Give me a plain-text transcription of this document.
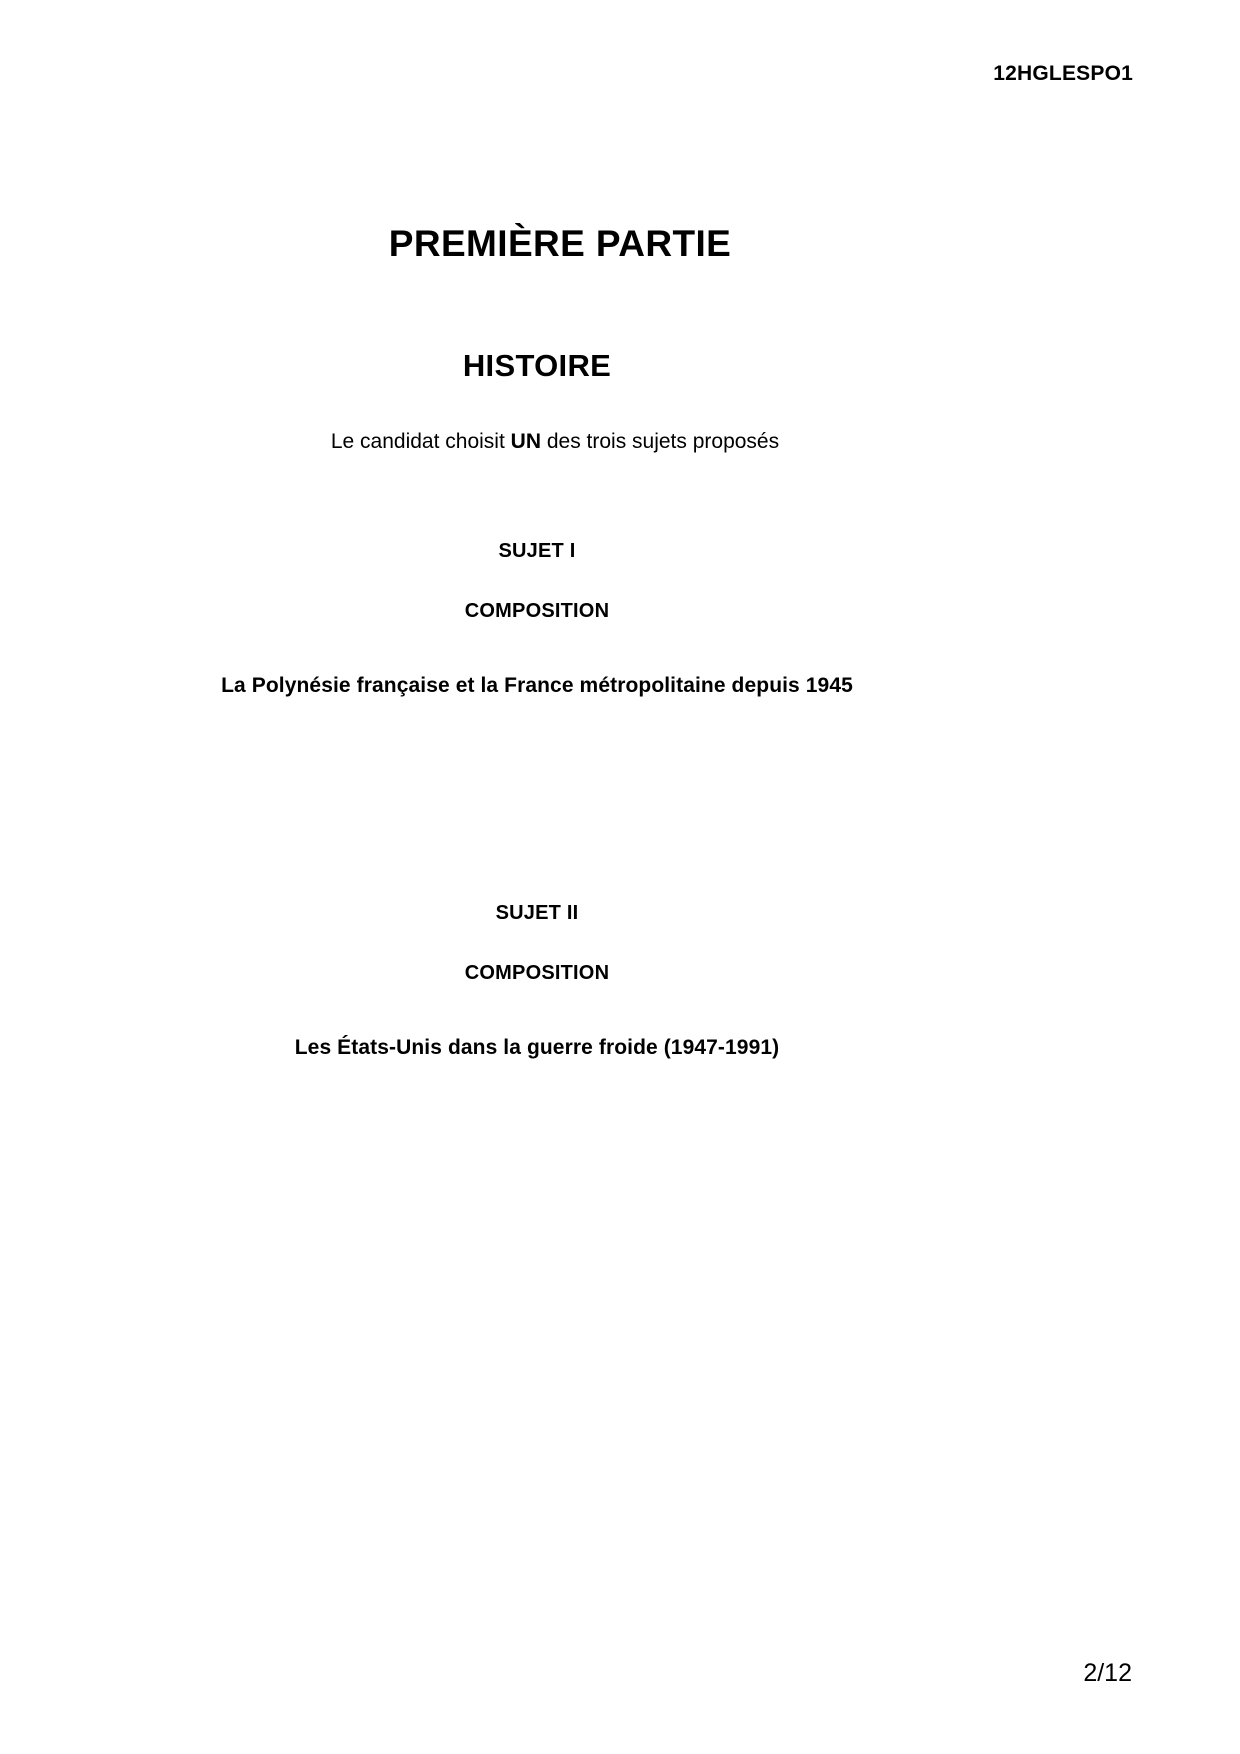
12HGLESPO1
PREMIÈRE PARTIE
HISTOIRE

Le candidat choisit UN des trois sujets proposés

SUJET I

COMPOSITION

La Polynésie française et la France métropolitaine depuis 1945

SUJET II

COMPOSITION

Les États-Unis dans la guerre froide (1947-1991)

2/12
